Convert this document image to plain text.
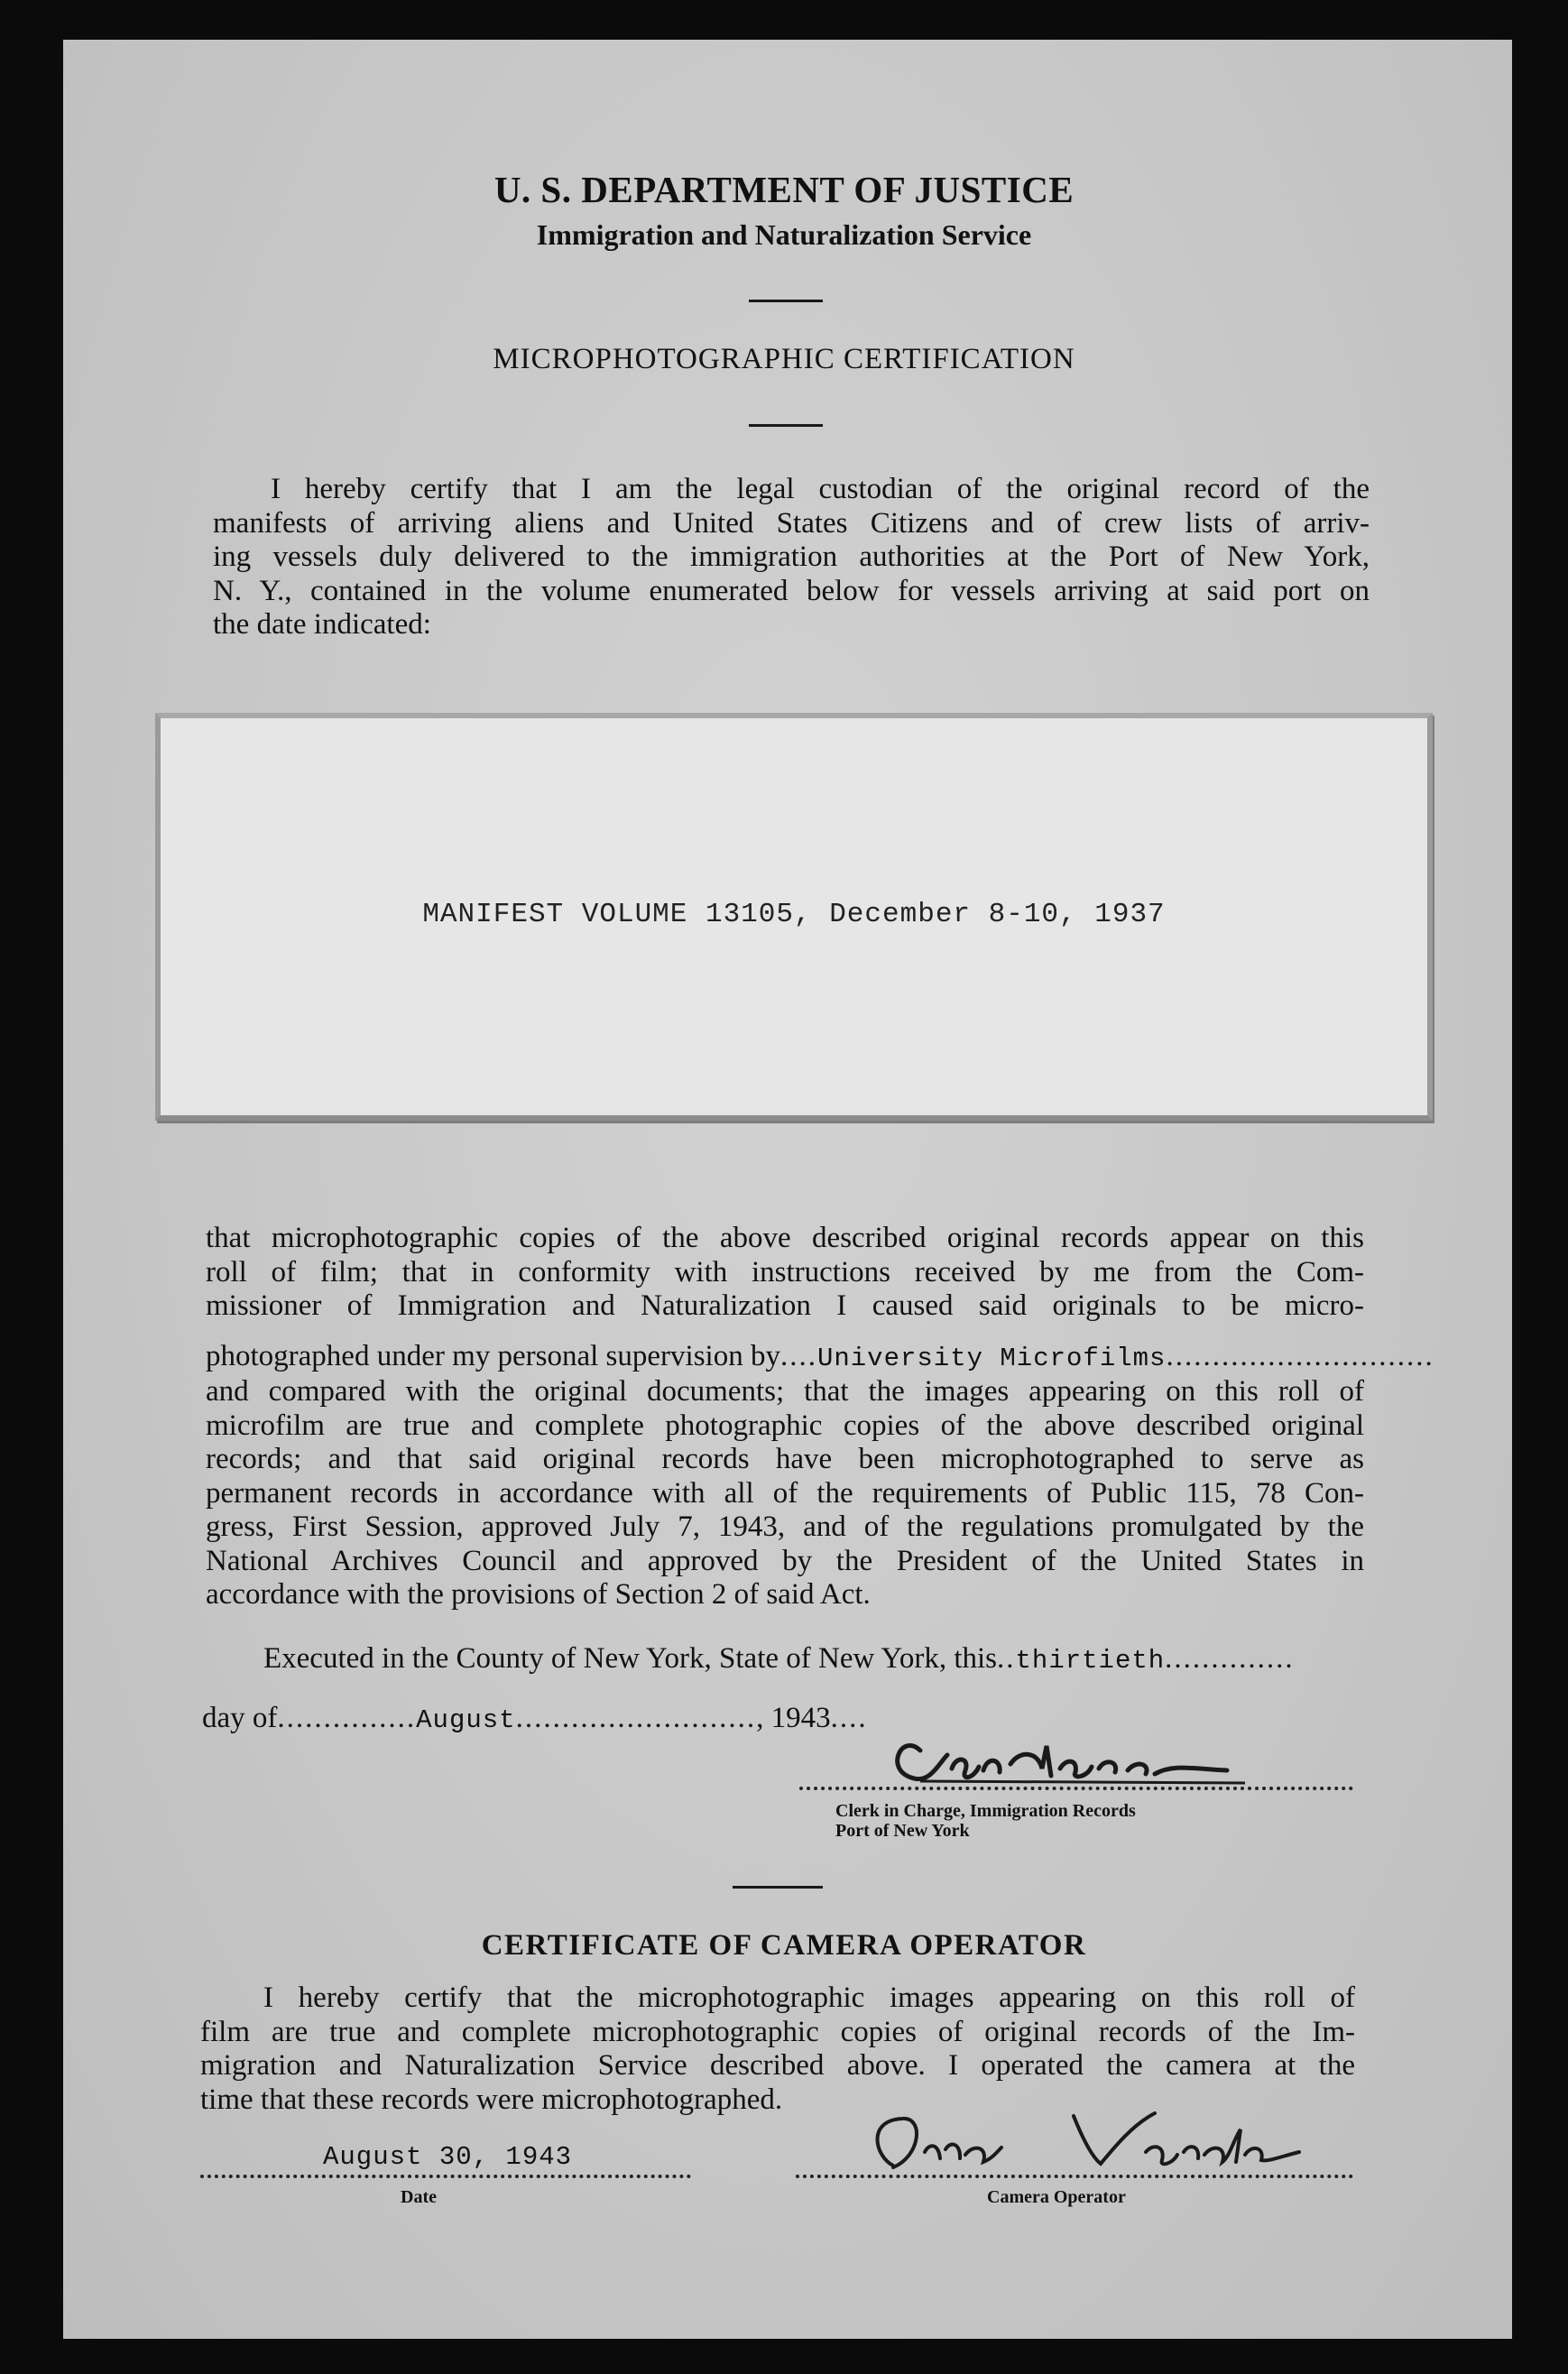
U. S. DEPARTMENT OF JUSTICE
Immigration and Naturalization Service
MICROPHOTOGRAPHIC CERTIFICATION
I hereby certify that I am the legal custodian of the original record of the
manifests of arriving aliens and United States Citizens and of crew lists of arriv-
ing vessels duly delivered to the immigration authorities at the Port of New York,
N. Y., contained in the volume enumerated below for vessels arriving at said port on
the date indicated:
MANIFEST VOLUME 13105, December 8-10, 1937
that microphotographic copies of the above described original records appear on this
roll of film; that in conformity with instructions received by me from the Com-
missioner of Immigration and Naturalization I caused said originals to be micro-
photographed under my personal supervision by .... University Microfilms .............................
and compared with the original documents; that the images appearing on this roll of
microfilm are true and complete photographic copies of the above described original
records; and that said original records have been microphotographed to serve as
permanent records in accordance with all of the requirements of Public 115, 78 Con-
gress, First Session, approved July 7, 1943, and of the regulations promulgated by the
National Archives Council and approved by the President of the United States in
accordance with the provisions of Section 2 of said Act.
Executed in the County of New York, State of New York, this .. thirtieth ..............
day of ............... August .......................... , 1943 ....
Clerk in Charge, Immigration Records
Port of New York
CERTIFICATE OF CAMERA OPERATOR
I hereby certify that the microphotographic images appearing on this roll of
film are true and complete microphotographic copies of original records of the Im-
migration and Naturalization Service described above. I operated the camera at the
time that these records were microphotographed.
August 30, 1943
Date	Camera Operator
